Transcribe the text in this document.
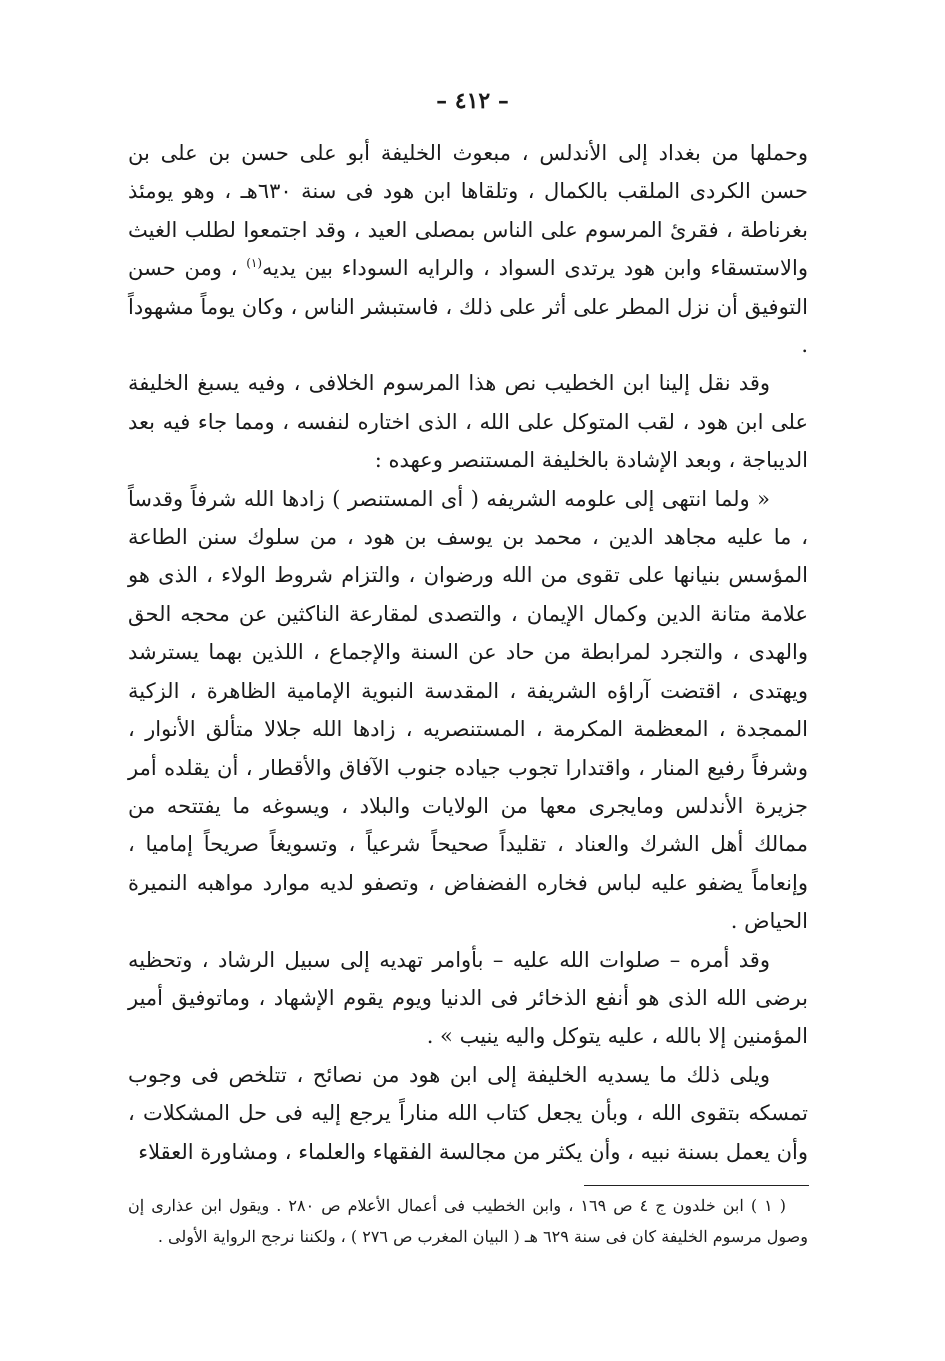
– ٤١٢ –

وحملها من بغداد إلى الأندلس ، مبعوث الخليفة أبو على حسن بن على بن حسن الكردى الملقب بالكمال ، وتلقاها ابن هود فى سنة ٦٣٠هـ ، وهو يومئذ بغرناطة ، فقرئ المرسوم على الناس بمصلى العيد ، وقد اجتمعوا لطلب الغيث والاستسقاء وابن هود يرتدى السواد ، والرايه السوداء بين يديه$^{(١)}$ ، ومن حسن التوفيق أن نزل المطر على أثر على ذلك ، فاستبشر الناس ، وكان يوماً مشهوداً .

وقد نقل إلينا ابن الخطيب نص هذا المرسوم الخلافى ، وفيه يسبغ الخليفة على ابن هود ، لقب المتوكل على الله ، الذى اختاره لنفسه ، ومما جاء فيه بعد الديباجة ، وبعد الإشادة بالخليفة المستنصر وعهده :

« ولما انتهى إلى علومه الشريفه ( أى المستنصر ) زادها الله شرفاً وقدساً ، ما عليه مجاهد الدين ، محمد بن يوسف بن هود ، من سلوك سنن الطاعة المؤسس بنيانها على تقوى من الله ورضوان ، والتزام شروط الولاء ، الذى هو علامة متانة الدين وكمال الإيمان ، والتصدى لمقارعة الناكثين عن محجه الحق والهدى ، والتجرد لمرابطة من حاد عن السنة والإجماع ، اللذين بهما يسترشد ويهتدى ، اقتضت آراؤه الشريفة ، المقدسة النبوية الإمامية الظاهرة ، الزكية الممجدة ، المعظمة المكرمة ، المستنصريه ، زادها الله جلالا متألق الأنوار ، وشرفاً رفيع المنار ، واقتدارا تجوب جياده جنوب الآفاق والأقطار ، أن يقلده أمر جزيرة الأندلس ومايجرى معها من الولايات والبلاد ، ويسوغه ما يفتتحه من ممالك أهل الشرك والعناد ، تقليداً صحيحاً شرعياً ، وتسويغاً صريحاً إماميا ، وإنعاماً يضفو عليه لباس فخاره الفضفاض ، وتصفو لديه موارد مواهبه النميرة الحياض .

وقد أمره – صلوات الله عليه – بأوامر تهديه إلى سبيل الرشاد ، وتحظيه برضى الله الذى هو أنفع الذخائر فى الدنيا ويوم يقوم الإشهاد ، وماتوفيق أمير المؤمنين إلا بالله ، عليه يتوكل واليه ينيب » .

ويلى ذلك ما يسديه الخليفة إلى ابن هود من نصائح ، تتلخص فى وجوب تمسكه بتقوى الله ، وبأن يجعل كتاب الله مناراً يرجع إليه فى حل المشكلات ، وأن يعمل بسنة نبيه ، وأن يكثر من مجالسة الفقهاء والعلماء ، ومشاورة العقلاء

( ١ ) ابن خلدون ج ٤ ص ١٦٩ ، وابن الخطيب فى أعمال الأعلام ص ٢٨٠ . ويقول ابن عذارى إن وصول مرسوم الخليفة كان فى سنة ٦٢٩ هـ ( البيان المغرب ص ٢٧٦ ) ، ولكننا نرجح الرواية الأولى .
